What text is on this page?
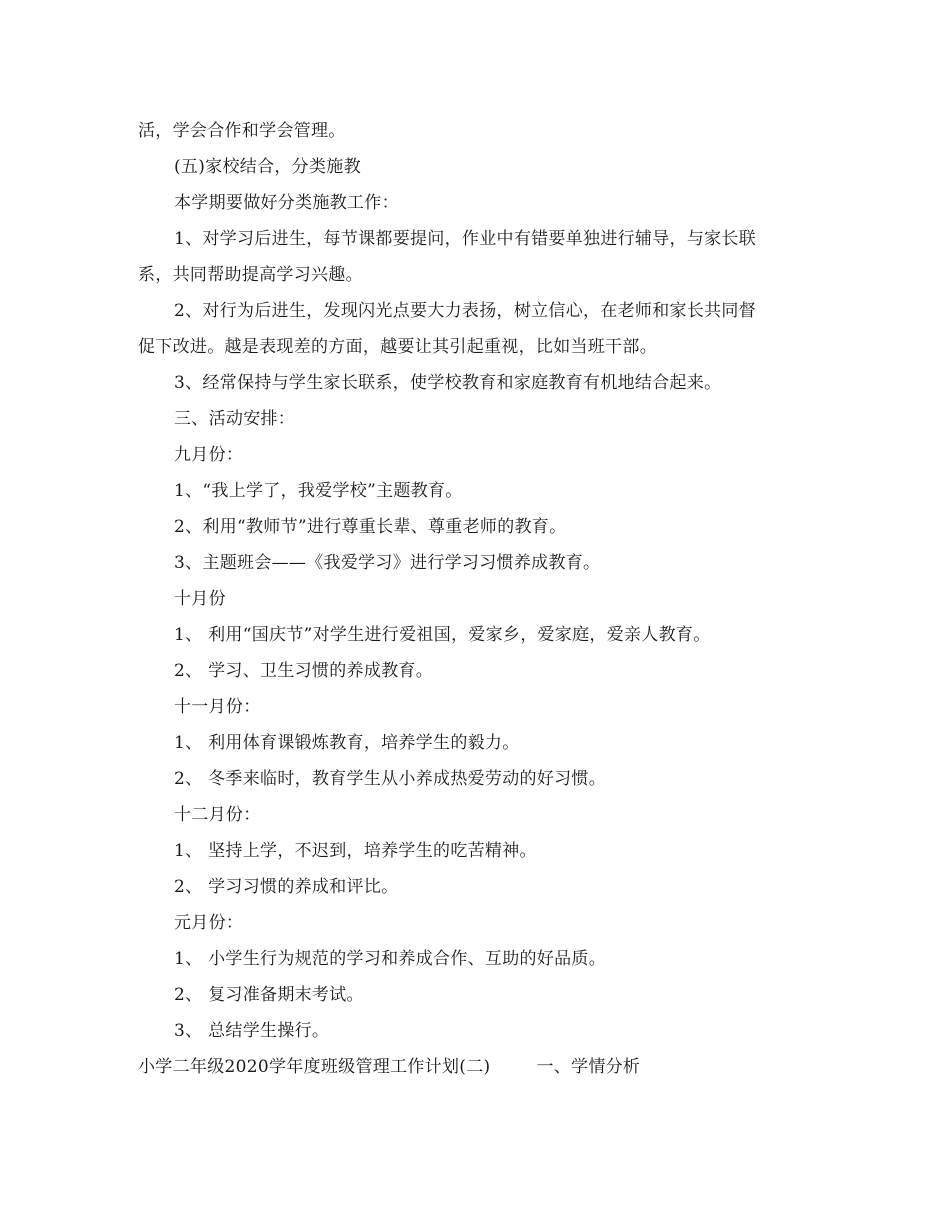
活，学会合作和学会管理。
(五)家校结合，分类施教
本学期要做好分类施教工作：
1、对学习后进生，每节课都要提问，作业中有错要单独进行辅导，与家长联
系，共同帮助提高学习兴趣。
2、对行为后进生，发现闪光点要大力表扬，树立信心，在老师和家长共同督
促下改进。越是表现差的方面，越要让其引起重视，比如当班干部。
3、经常保持与学生家长联系，使学校教育和家庭教育有机地结合起来。
三、活动安排：
九月份：
1、“我上学了，我爱学校”主题教育。
2、利用“教师节”进行尊重长辈、尊重老师的教育。
3、主题班会——《我爱学习》进行学习习惯养成教育。
十月份
1、 利用“国庆节”对学生进行爱祖国，爱家乡，爱家庭，爱亲人教育。
2、 学习、卫生习惯的养成教育。
十一月份：
1、 利用体育课锻炼教育，培养学生的毅力。
2、 冬季来临时，教育学生从小养成热爱劳动的好习惯。
十二月份：
1、 坚持上学，不迟到，培养学生的吃苦精神。
2、 学习习惯的养成和评比。
元月份：
1、 小学生行为规范的学习和养成合作、互助的好品质。
2、 复习准备期末考试。
3、 总结学生操行。
小学二年级2020学年度班级管理工作计划(二)	一、学情分析
